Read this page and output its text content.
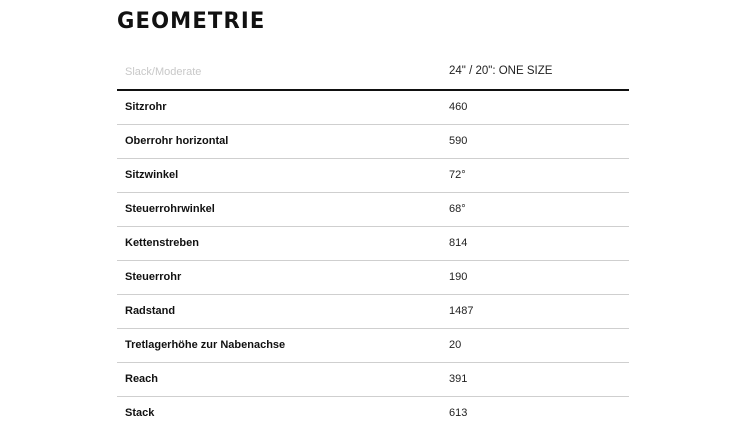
GEOMETRIE
Slack/Moderate	24" / 20": ONE SIZE
Sitzrohr	460
Oberrohr horizontal	590
Sitzwinkel	72°
Steuerrohrwinkel	68°
Kettenstreben	814
Steuerrohr	190
Radstand	1487
Tretlagerhöhe zur Nabenachse	20
Reach	391
Stack	613
